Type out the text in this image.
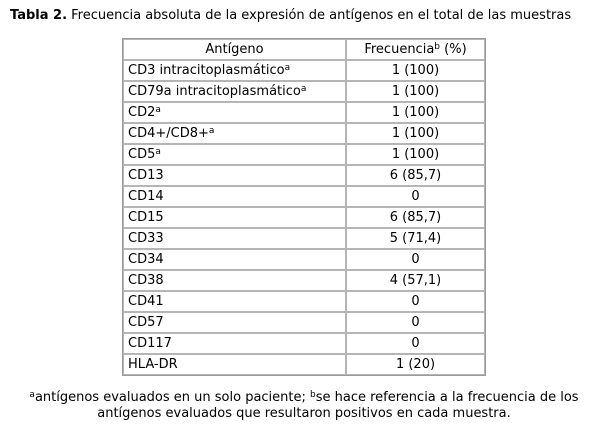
Tabla 2. Frecuencia absoluta de la expresión de antígenos en el total de las muestras
Antígeno	Frecuencia$^b$ (%)
CD3 intracitoplasmático$^a$	1 (100)
CD79a intracitoplasmático$^a$	1 (100)
CD2$^a$	1 (100)
CD4+/CD8+$^a$	1 (100)
CD5$^a$	1 (100)
CD13	6 (85,7)
CD14	0
CD15	6 (85,7)
CD33	5 (71,4)
CD34	0
CD38	4 (57,1)
CD41	0
CD57	0
CD117	0
HLA-DR	1 (20)
$^a$antígenos evaluados en un solo paciente; $^b$se hace referencia a la frecuencia de los antígenos evaluados que resultaron positivos en cada muestra.
